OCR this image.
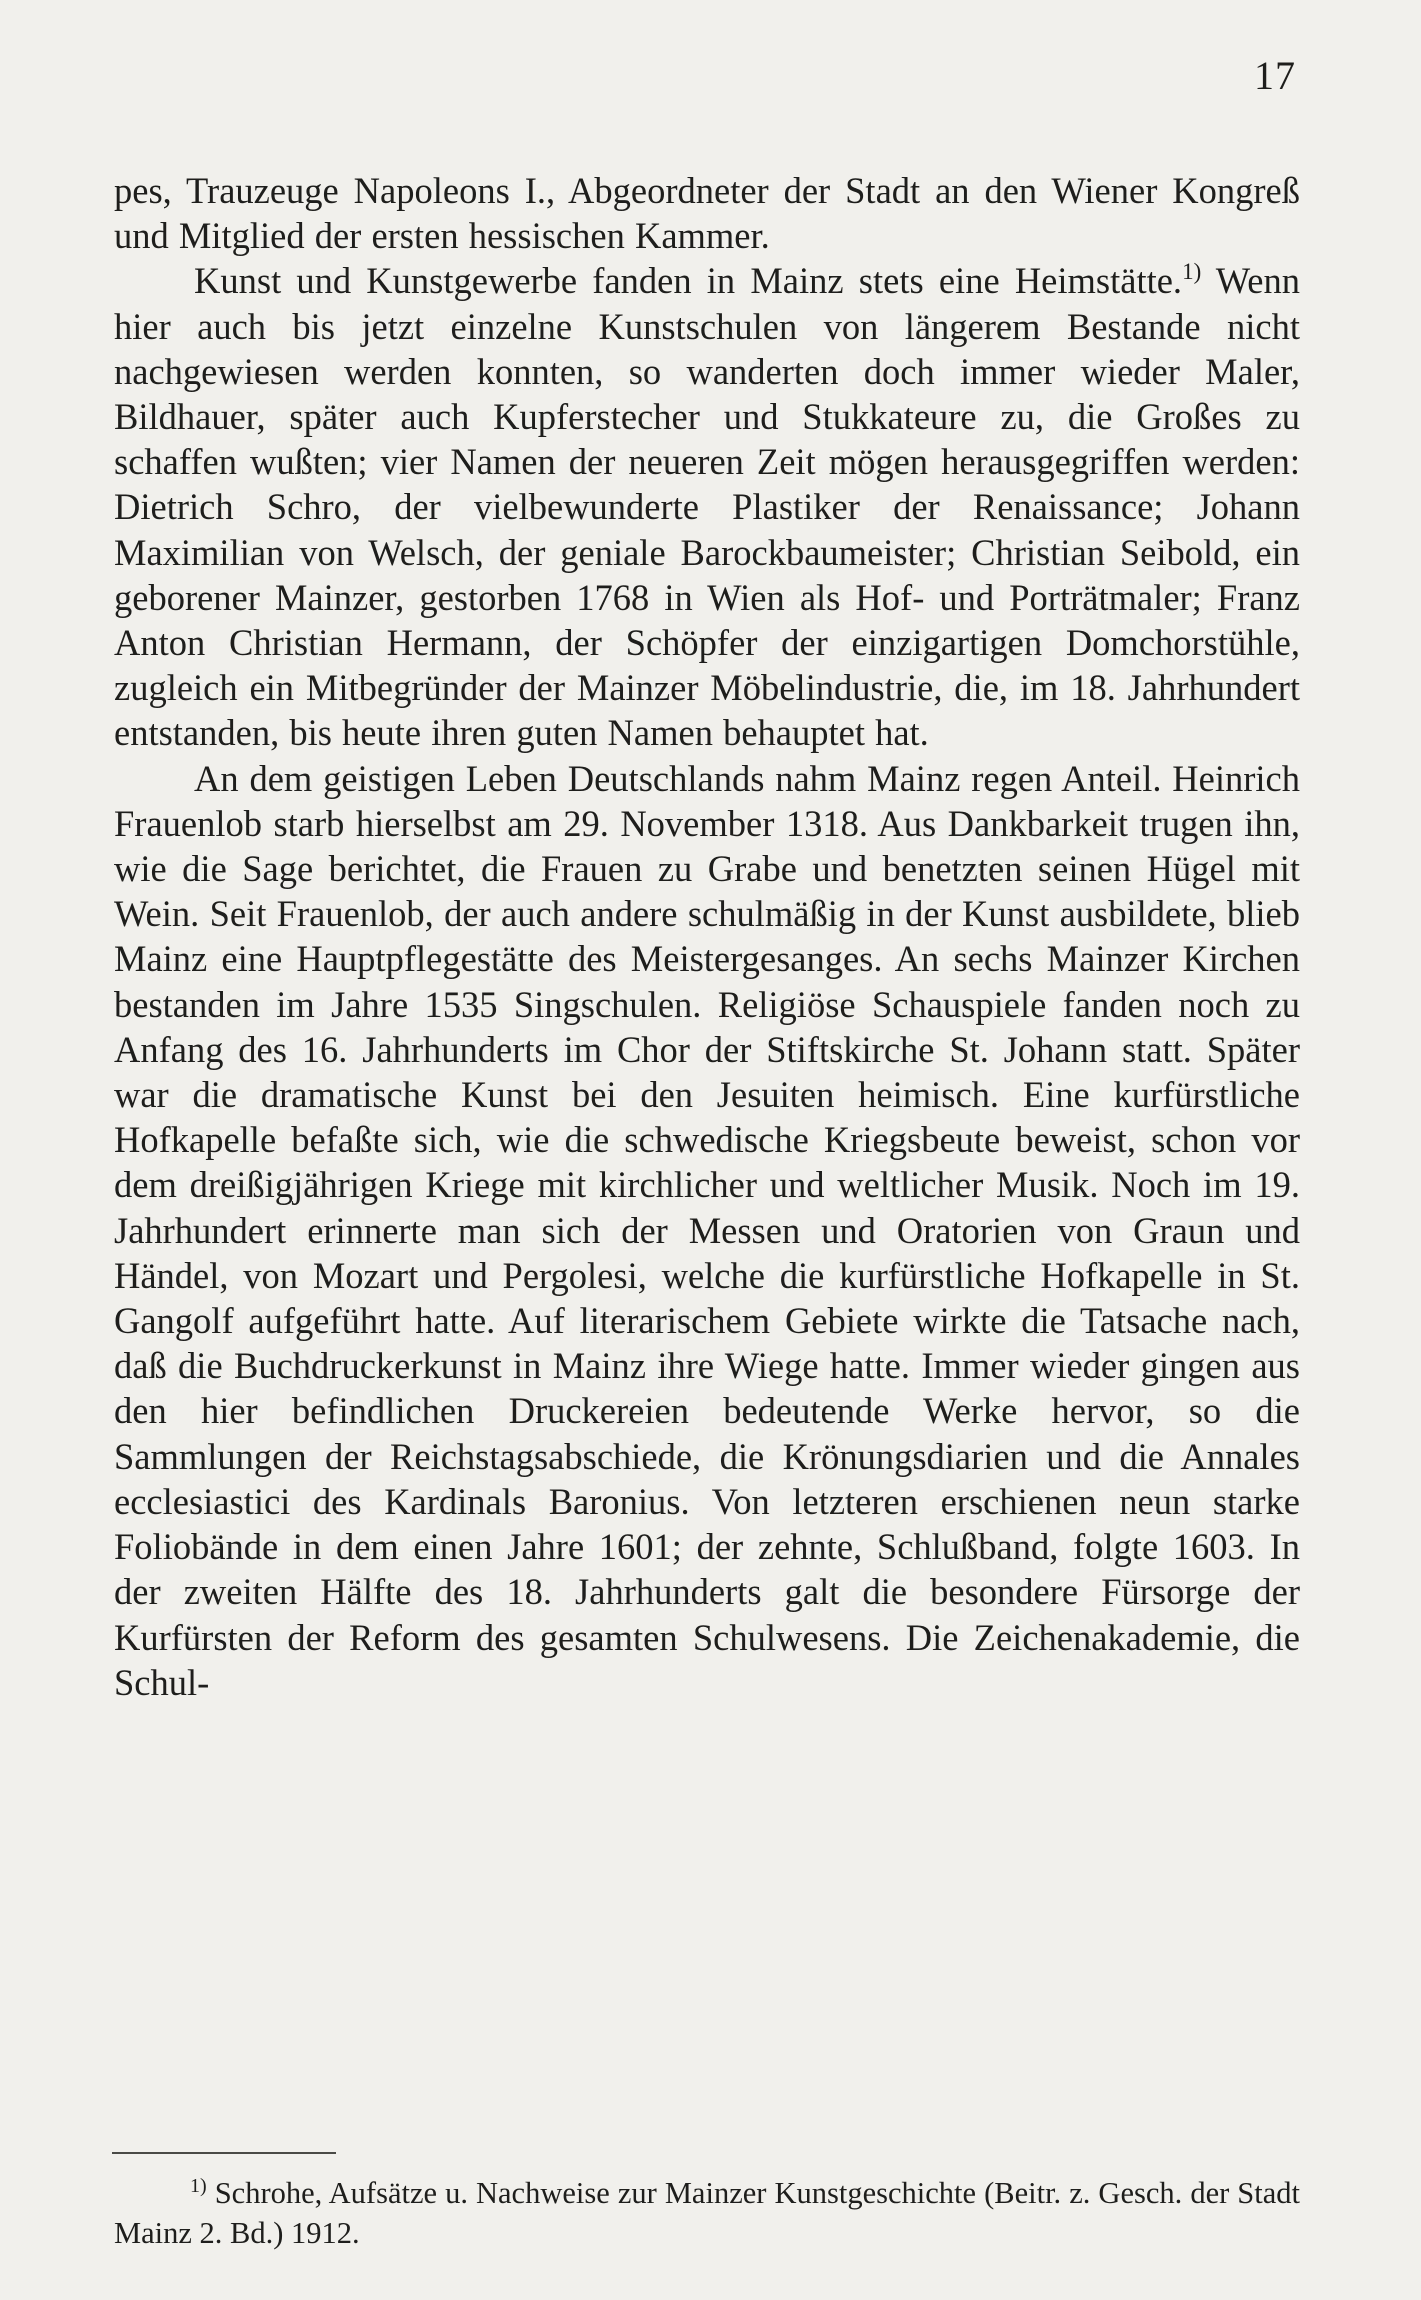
17

pes, Trauzeuge Napoleons I., Abgeordneter der Stadt an den Wiener Kongreß und Mitglied der ersten hessischen Kammer.

Kunst und Kunstgewerbe fanden in Mainz stets eine Heimstätte.$^{1)}$ Wenn hier auch bis jetzt einzelne Kunstschulen von längerem Bestande nicht nachgewiesen werden konnten, so wanderten doch immer wieder Maler, Bildhauer, später auch Kupferstecher und Stukkateure zu, die Großes zu schaffen wußten; vier Namen der neueren Zeit mögen herausgegriffen werden: Dietrich Schro, der vielbewunderte Plastiker der Renaissance; Johann Maximilian von Welsch, der geniale Barockbaumeister; Christian Seibold, ein geborener Mainzer, gestorben 1768 in Wien als Hof- und Porträtmaler; Franz Anton Christian Hermann, der Schöpfer der einzigartigen Domchorstühle, zugleich ein Mitbegründer der Mainzer Möbelindustrie, die, im 18. Jahrhundert entstanden, bis heute ihren guten Namen behauptet hat.

An dem geistigen Leben Deutschlands nahm Mainz regen Anteil. Heinrich Frauenlob starb hierselbst am 29. November 1318. Aus Dankbarkeit trugen ihn, wie die Sage berichtet, die Frauen zu Grabe und benetzten seinen Hügel mit Wein. Seit Frauenlob, der auch andere schulmäßig in der Kunst ausbildete, blieb Mainz eine Hauptpflegestätte des Meistergesanges. An sechs Mainzer Kirchen bestanden im Jahre 1535 Singschulen. Religiöse Schauspiele fanden noch zu Anfang des 16. Jahrhunderts im Chor der Stiftskirche St. Johann statt. Später war die dramatische Kunst bei den Jesuiten heimisch. Eine kurfürstliche Hofkapelle befaßte sich, wie die schwedische Kriegsbeute beweist, schon vor dem dreißigjährigen Kriege mit kirchlicher und weltlicher Musik. Noch im 19. Jahrhundert erinnerte man sich der Messen und Oratorien von Graun und Händel, von Mozart und Pergolesi, welche die kurfürstliche Hofkapelle in St. Gangolf aufgeführt hatte. Auf literarischem Gebiete wirkte die Tatsache nach, daß die Buchdruckerkunst in Mainz ihre Wiege hatte. Immer wieder gingen aus den hier befindlichen Druckereien bedeutende Werke hervor, so die Sammlungen der Reichstagsabschiede, die Krönungsdiarien und die Annales ecclesiastici des Kardinals Baronius. Von letzteren erschienen neun starke Foliobände in dem einen Jahre 1601; der zehnte, Schlußband, folgte 1603. In der zweiten Hälfte des 18. Jahrhunderts galt die besondere Fürsorge der Kurfürsten der Reform des gesamten Schulwesens. Die Zeichenakademie, die Schul-

$^{1)}$ Schrohe, Aufsätze u. Nachweise zur Mainzer Kunstgeschichte (Beitr. z. Gesch. der Stadt Mainz 2. Bd.) 1912.
